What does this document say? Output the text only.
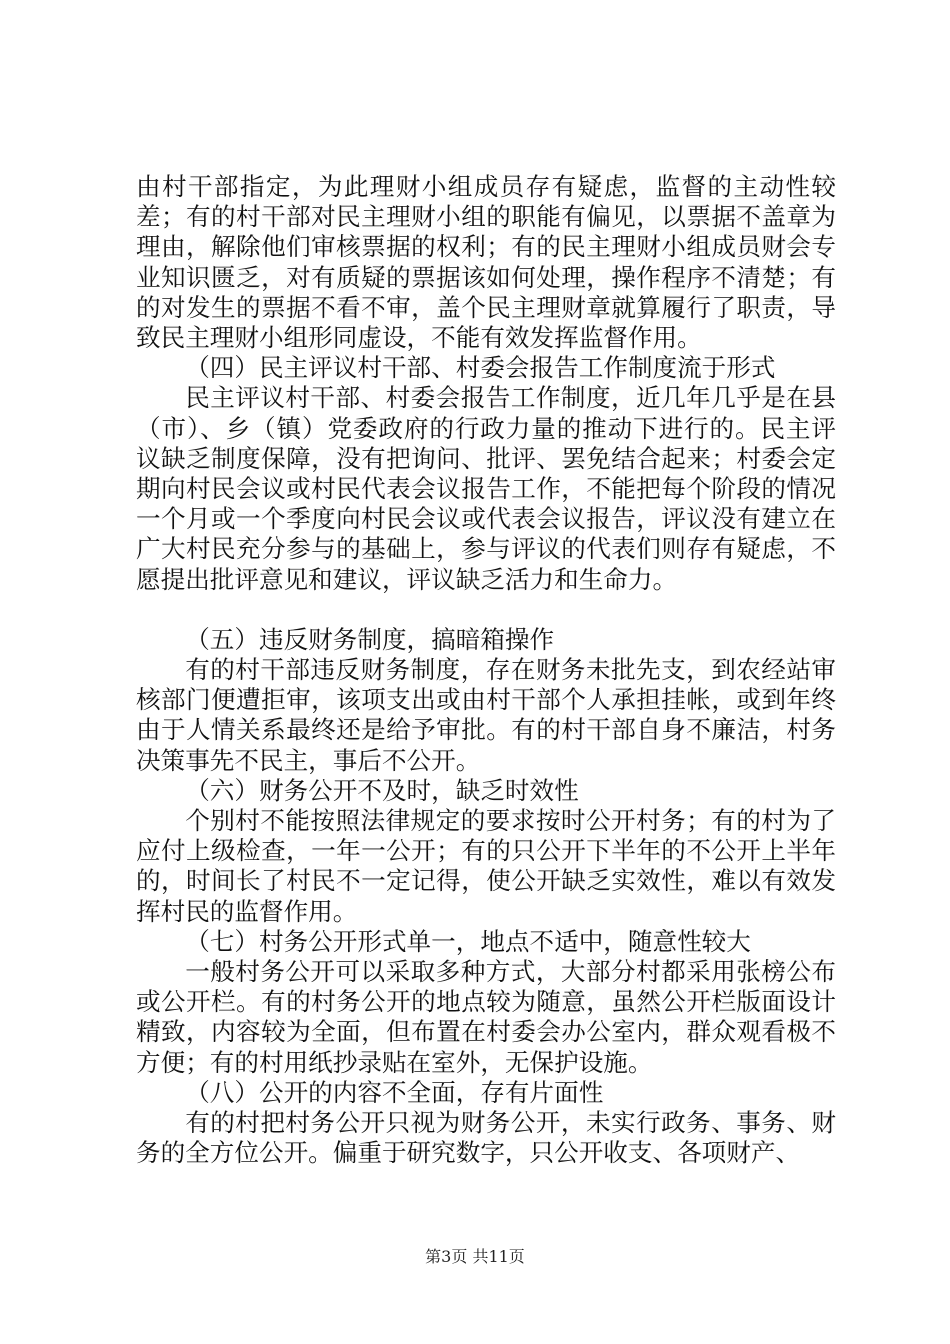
由村干部指定，为此理财小组成员存有疑虑，监督的主动性较差；有的村干部对民主理财小组的职能有偏见，以票据不盖章为理由，解除他们审核票据的权利；有的民主理财小组成员财会专业知识匮乏，对有质疑的票据该如何处理，操作程序不清楚；有的对发生的票据不看不审，盖个民主理财章就算履行了职责，导致民主理财小组形同虚设，不能有效发挥监督作用。

（四）民主评议村干部、村委会报告工作制度流于形式

民主评议村干部、村委会报告工作制度，近几年几乎是在县（市）、乡（镇）党委政府的行政力量的推动下进行的。民主评议缺乏制度保障，没有把询问、批评、罢免结合起来；村委会定期向村民会议或村民代表会议报告工作，不能把每个阶段的情况一个月或一个季度向村民会议或代表会议报告，评议没有建立在广大村民充分参与的基础上，参与评议的代表们则存有疑虑，不愿提出批评意见和建议，评议缺乏活力和生命力。

（五）违反财务制度，搞暗箱操作

有的村干部违反财务制度，存在财务未批先支，到农经站审核部门便遭拒审，该项支出或由村干部个人承担挂帐，或到年终由于人情关系最终还是给予审批。有的村干部自身不廉洁，村务决策事先不民主，事后不公开。

（六）财务公开不及时，缺乏时效性

个别村不能按照法律规定的要求按时公开村务；有的村为了应付上级检查，一年一公开；有的只公开下半年的不公开上半年的，时间长了村民不一定记得，使公开缺乏实效性，难以有效发挥村民的监督作用。

（七）村务公开形式单一，地点不适中，随意性较大

一般村务公开可以采取多种方式，大部分村都采用张榜公布或公开栏。有的村务公开的地点较为随意，虽然公开栏版面设计精致，内容较为全面，但布置在村委会办公室内，群众观看极不方便；有的村用纸抄录贴在室外，无保护设施。

（八）公开的内容不全面，存有片面性

有的村把村务公开只视为财务公开，未实行政务、事务、财务的全方位公开。偏重于研究数字，只公开收支、各项财产、

第3页 共11页
